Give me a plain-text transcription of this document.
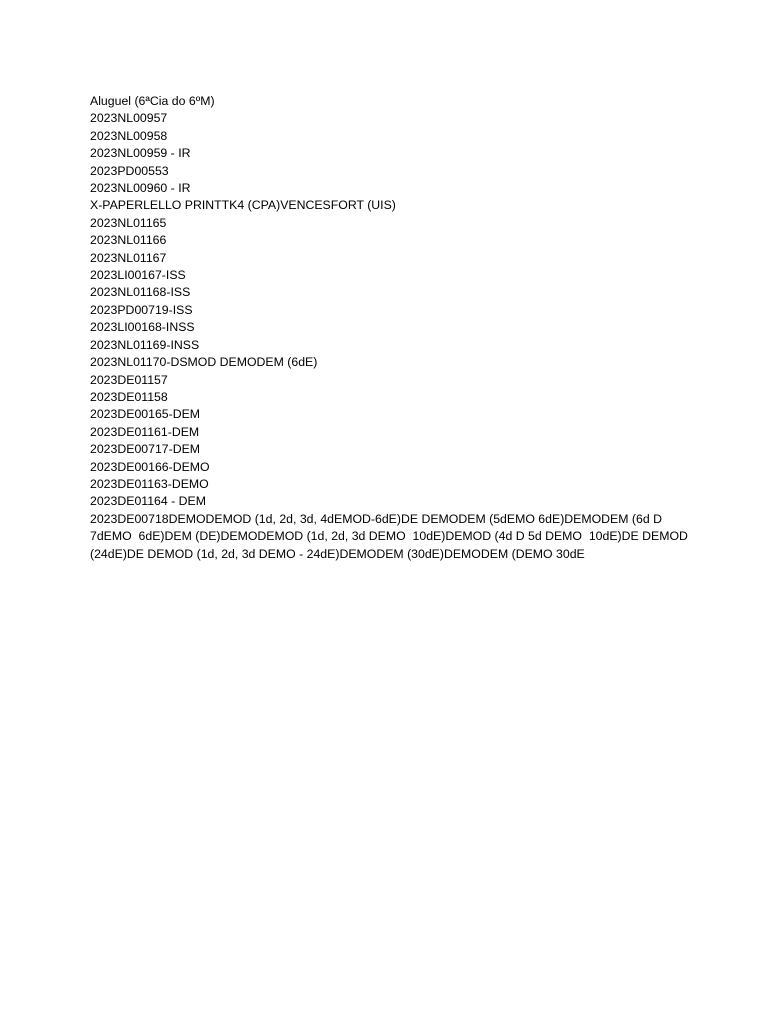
Aluguel (6ªCia do 6ºM)
2023NL00957
2023NL00958
2023NL00959 - IR
2023PD00553
2023NL00960 - IR
X-PAPERLELLO PRINTTK4 (CPA)VENCESFORT (UIS)
2023NL01165
2023NL01166
2023NL01167
2023LI00167-ISS
2023NL01168-ISS
2023PD00719-ISS
2023LI00168-INSS
2023NL01169-INSS
2023NL01170-DSMOD DEMODEM (6dE)
2023DE01157
2023DE01158
2023DE00165-DEM
2023DE01161-DEM
2023DE00717-DEM
2023DE00166-DEMO
2023DE01163-DEMO
2023DE01164 - DEM
2023DE00718DEMODEMOD (1d, 2d, 3d, 4dEMOD-6dE)DE DEMODEM (5dEMO 6dE)DEMODEM (6d D
7dEMO  6dE)DEM (DE)DEMODEMOD (1d, 2d, 3d DEMO  10dE)DEMOD (4d D 5d DEMO  10dE)DE DEMOD
(24dE)DE DEMOD (1d, 2d, 3d DEMO - 24dE)DEMODEM (30dE)DEMODEM (DEMO 30dE
